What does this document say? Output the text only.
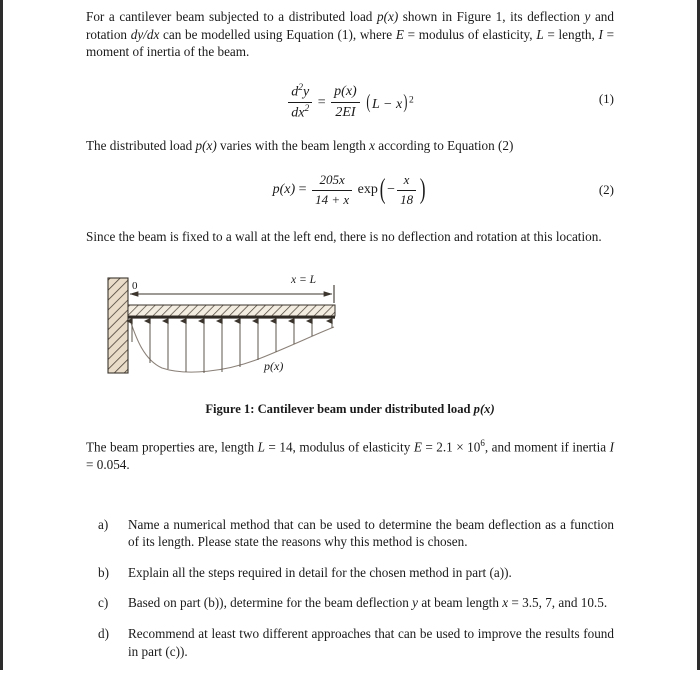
For a cantilever beam subjected to a distributed load p(x) shown in Figure 1, its deflection y and rotation dy/dx can be modelled using Equation (1), where E = modulus of elasticity, L = length, I = moment of inertia of the beam.

$\frac{d^2y}{dx^2} = \frac{p(x)}{2EI} (L - x)^2$	(1)

The distributed load p(x) varies with the beam length x according to Equation (2)

$p(x) = \frac{205x}{14 + x} \exp( - \frac{x}{18}$ )	(2)

Since the beam is fixed to a wall at the left end, there is no deflection and rotation at this location.

0	x = L
p(x)

Figure 1: Cantilever beam under distributed load p(x)

The beam properties are, length L = 14, modulus of elasticity $E = 2.1 \times 10^6$, and moment if inertia I = 0.054.

a) Name a numerical method that can be used to determine the beam deflection as a function of its length. Please state the reasons why this method is chosen.
b) Explain all the steps required in detail for the chosen method in part (a)).
c) Based on part (b)), determine for the beam deflection y at beam length x = 3.5, 7, and 10.5.
d) Recommend at least two different approaches that can be used to improve the results found in part (c)).
